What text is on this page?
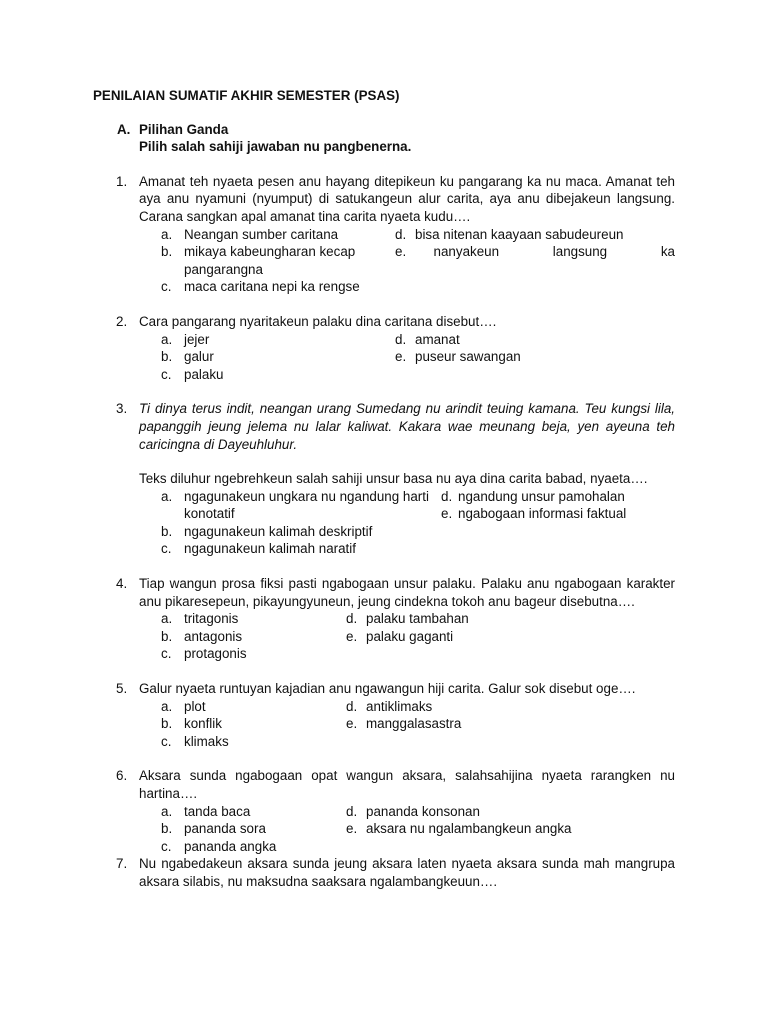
PENILAIAN SUMATIF AKHIR SEMESTER (PSAS)
A. Pilihan Ganda
Pilih salah sahiji jawaban nu pangbenerna.
1. Amanat teh nyaeta pesen anu hayang ditepikeun ku pangarang ka nu maca. Amanat teh aya anu nyamuni (nyumput) di satukangeun alur carita, aya anu dibejakeun langsung. Carana sangkan apal amanat tina carita nyaeta kudu….
a. Neangan sumber caritana
b. mikaya kabeungharan kecap pangarangna
c. maca caritana nepi ka rengse
d. bisa nitenan kaayaan sabudeureun
e. nanyakeun langsung ka
2. Cara pangarang nyaritakeun palaku dina caritana disebut….
a. jejer
b. galur
c. palaku
d. amanat
e. puseur sawangan
3. Ti dinya terus indit, neangan urang Sumedang nu arindit teuing kamana. Teu kungsi lila, papanggih jeung jelema nu lalar kaliwat. Kakara wae meunang beja, yen ayeuna teh caricingna di Dayeuhluhur.
Teks diluhur ngebrehkeun salah sahiji unsur basa nu aya dina carita babad, nyaeta….
a. ngagunakeun ungkara nu ngandung harti konotatif
b. ngagunakeun kalimah deskriptif
c. ngagunakeun kalimah naratif
d. ngandung unsur pamohalan
e. ngabogaan informasi faktual
4. Tiap wangun prosa fiksi pasti ngabogaan unsur palaku. Palaku anu ngabogaan karakter anu pikaresepeun, pikayungyuneun, jeung cindekna tokoh anu bageur disebutna….
a. tritagonis
b. antagonis
c. protagonis
d. palaku tambahan
e. palaku gaganti
5. Galur nyaeta runtuyan kajadian anu ngawangun hiji carita. Galur sok disebut oge….
a. plot
b. konflik
c. klimaks
d. antiklimaks
e. manggalasastra
6. Aksara sunda ngabogaan opat wangun aksara, salahsahijina nyaeta rarangken nu hartina….
a. tanda baca
b. pananda sora
c. pananda angka
d. pananda konsonan
e. aksara nu ngalambangkeun angka
7. Nu ngabedakeun aksara sunda jeung aksara laten nyaeta aksara sunda mah mangrupa aksara silabis, nu maksudna saaksara ngalambangkeuun….
